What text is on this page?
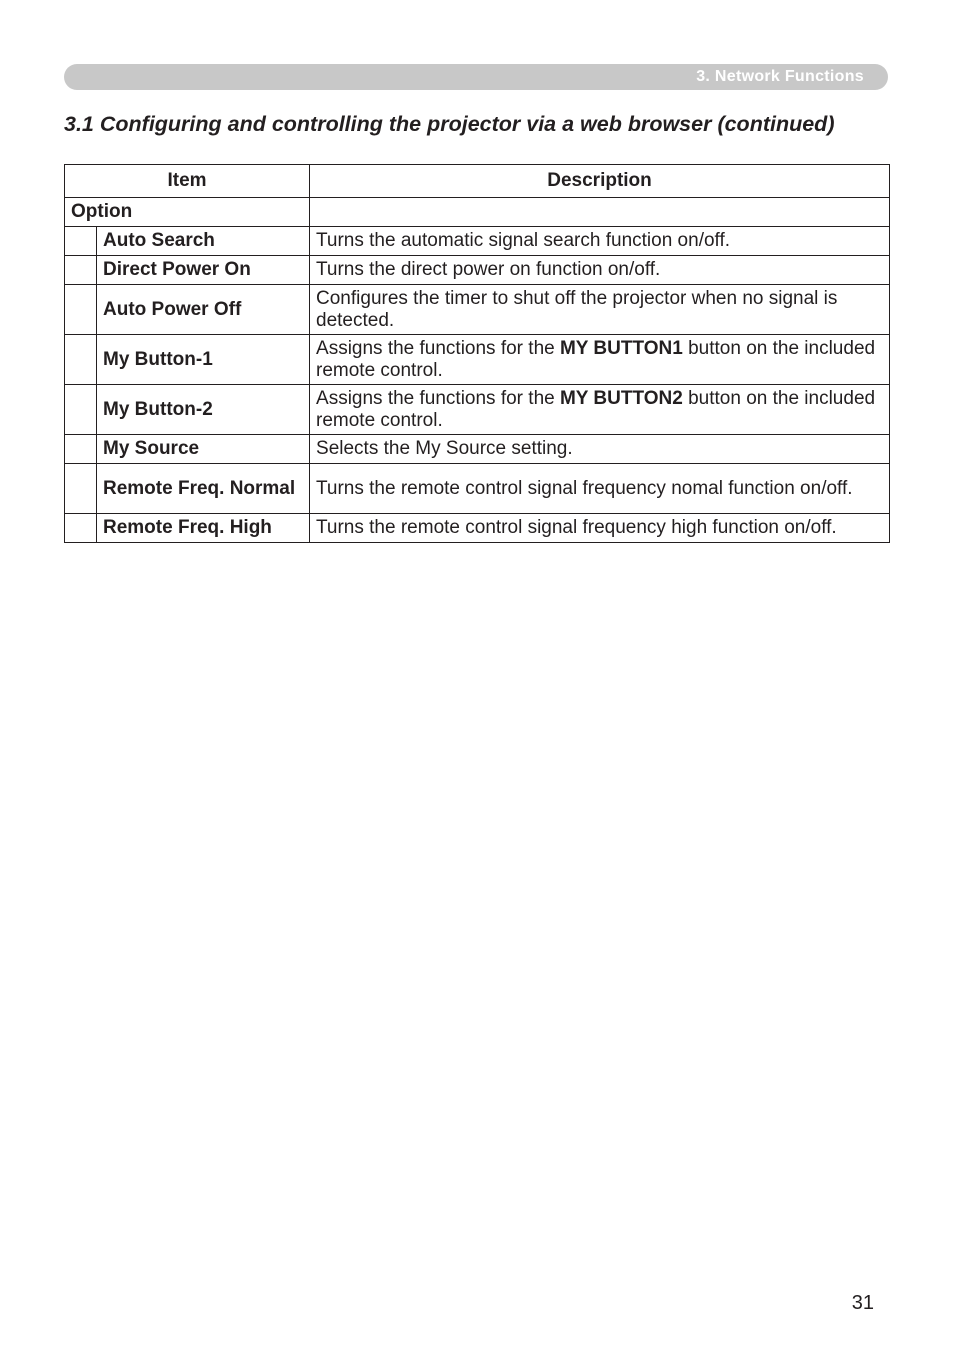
3. Network Functions
3.1 Configuring and controlling the projector via a web browser (continued)
Item		Description
Option		
	Auto Search	Turns the automatic signal search function on/off.
	Direct Power On	Turns the direct power on function on/off.
	Auto Power Off	Configures the timer to shut off the projector when no signal is detected.
	My Button-1	Assigns the functions for the MY BUTTON1 button on the included remote control.
	My Button-2	Assigns the functions for the MY BUTTON2 button on the included remote control.
	My Source	Selects the My Source setting.
	Remote Freq. Normal	Turns the remote control signal frequency nomal function on/off.
	Remote Freq. High	Turns the remote control signal frequency high function on/off.
31
